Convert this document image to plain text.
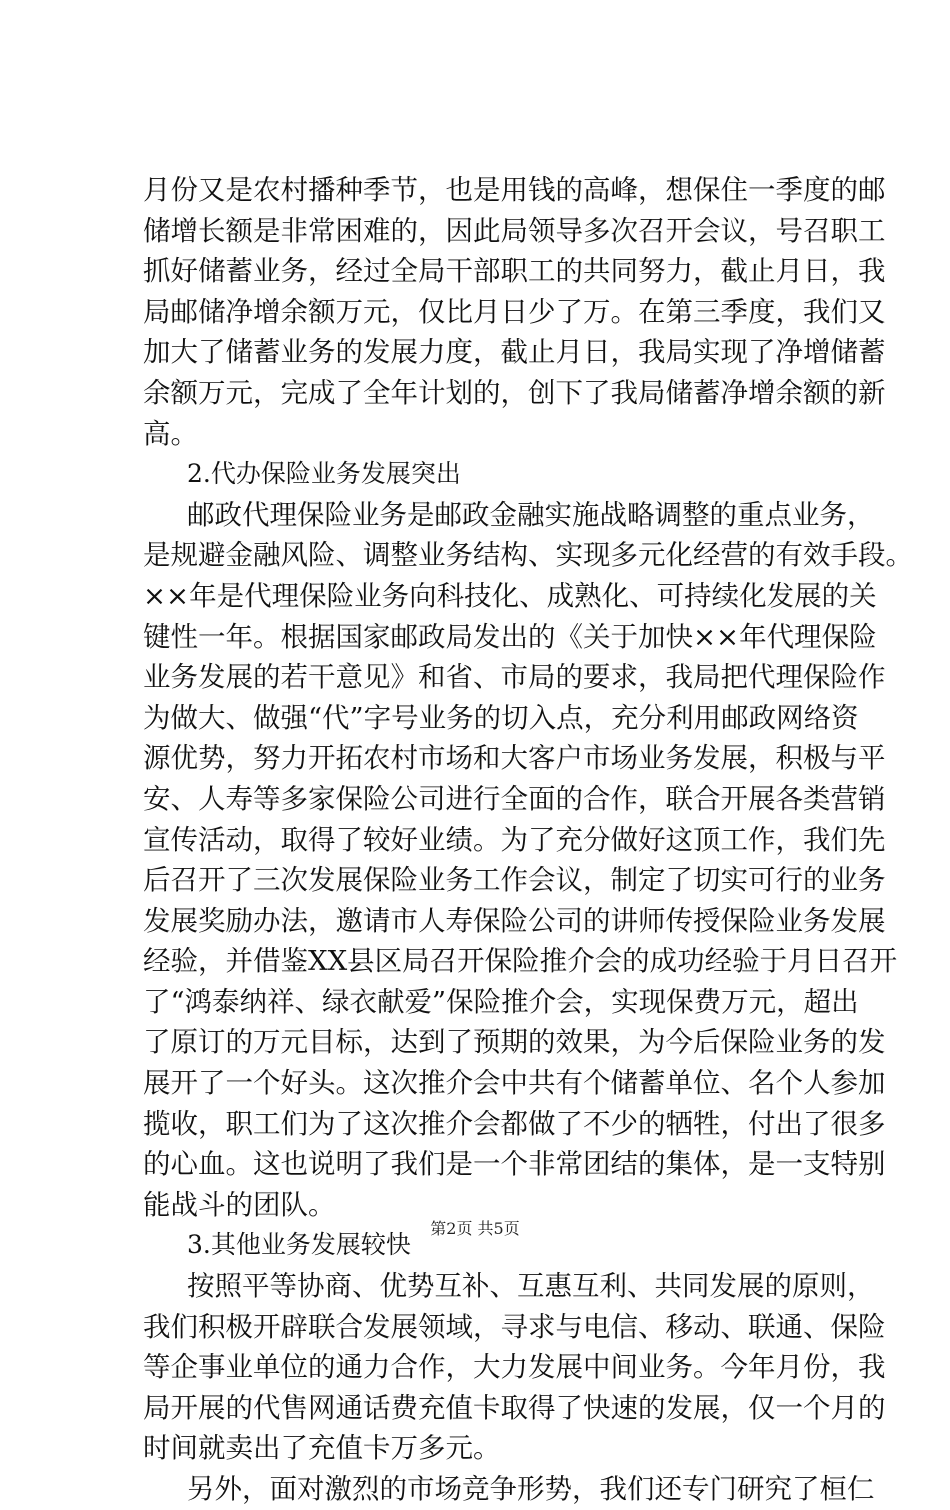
月份又是农村播种季节，也是用钱的高峰，想保住一季度的邮
储增长额是非常困难的，因此局领导多次召开会议，号召职工
抓好储蓄业务，经过全局干部职工的共同努力，截止月日，我
局邮储净增余额万元，仅比月日少了万。在第三季度，我们又
加大了储蓄业务的发展力度，截止月日，我局实现了净增储蓄
余额万元，完成了全年计划的，创下了我局储蓄净增余额的新
高。
2.代办保险业务发展突出
邮政代理保险业务是邮政金融实施战略调整的重点业务，
是规避金融风险、调整业务结构、实现多元化经营的有效手段。
××年是代理保险业务向科技化、成熟化、可持续化发展的关
键性一年。根据国家邮政局发出的《关于加快××年代理保险
业务发展的若干意见》和省、市局的要求，我局把代理保险作
为做大、做强“代”字号业务的切入点，充分利用邮政网络资
源优势，努力开拓农村市场和大客户市场业务发展，积极与平
安、人寿等多家保险公司进行全面的合作，联合开展各类营销
宣传活动，取得了较好业绩。为了充分做好这顶工作，我们先
后召开了三次发展保险业务工作会议，制定了切实可行的业务
发展奖励办法，邀请市人寿保险公司的讲师传授保险业务发展
经验，并借鉴XX县区局召开保险推介会的成功经验于月日召开
了“鸿泰纳祥、绿衣献爱”保险推介会，实现保费万元，超出
了原订的万元目标，达到了预期的效果，为今后保险业务的发
展开了一个好头。这次推介会中共有个储蓄单位、名个人参加
揽收，职工们为了这次推介会都做了不少的牺牲，付出了很多
的心血。这也说明了我们是一个非常团结的集体，是一支特别
能战斗的团队。
3.其他业务发展较快
按照平等协商、优势互补、互惠互利、共同发展的原则，
我们积极开辟联合发展领域，寻求与电信、移动、联通、保险
等企事业单位的通力合作，大力发展中间业务。今年月份，我
局开展的代售网通话费充值卡取得了快速的发展，仅一个月的
时间就卖出了充值卡万多元。
另外，面对激烈的市场竞争形势，我们还专门研究了桓仁
第2页 共5页
